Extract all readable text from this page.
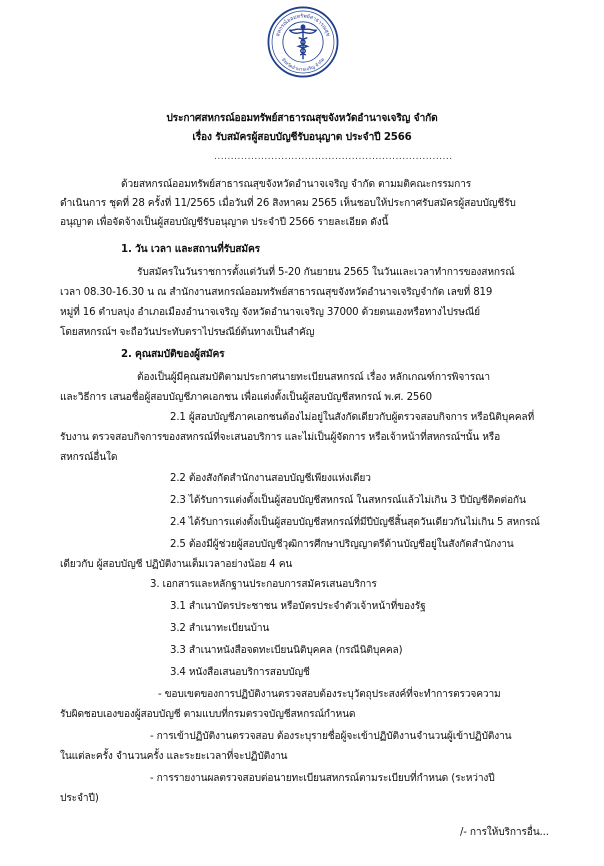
สหกรณ์ออมทรัพย์สาธารณสุข
จังหวัดอำนาจเจริญ จำกัด
ประกาศสหกรณ์ออมทรัพย์สาธารณสุขจังหวัดอำนาจเจริญ จำกัด
เรื่อง รับสมัครผู้สอบบัญชีรับอนุญาต ประจำปี 2566
.......................................................................
ด้วยสหกรณ์ออมทรัพย์สาธารณสุขจังหวัดอำนาจเจริญ จำกัด ตามมติคณะกรรมการ
ดำเนินการ ชุดที่ 28 ครั้งที่ 11/2565 เมื่อวันที่ 26 สิงหาคม 2565 เห็นชอบให้ประกาศรับสมัครผู้สอบบัญชีรับ
อนุญาต เพื่อจัดจ้างเป็นผู้สอบบัญชีรับอนุญาต ประจำปี 2566 รายละเอียด ดังนี้
1. วัน เวลา และสถานที่รับสมัคร
รับสมัครในวันราชการตั้งแต่วันที่ 5-20 กันยายน 2565 ในวันและเวลาทำการของสหกรณ์
เวลา 08.30-16.30 น ณ สำนักงานสหกรณ์ออมทรัพย์สาธารณสุขจังหวัดอำนาจเจริญจำกัด เลขที่ 819
หมู่ที่ 16 ตำบลบุ่ง อำเภอเมืองอำนาจเจริญ จังหวัดอำนาจเจริญ 37000 ด้วยตนเองหรือทางไปรษณีย์
โดยสหกรณ์ฯ จะถือวันประทับตราไปรษณีย์ต้นทางเป็นสำคัญ
2. คุณสมบัติของผู้สมัคร
ต้องเป็นผู้มีคุณสมบัติตามประกาศนายทะเบียนสหกรณ์ เรื่อง หลักเกณฑ์การพิจารณา
และวิธีการ เสนอชื่อผู้สอบบัญชีภาคเอกชน เพื่อแต่งตั้งเป็นผู้สอบบัญชีสหกรณ์ พ.ศ. 2560
2.1 ผู้สอบบัญชีภาคเอกชนต้องไม่อยู่ในสังกัดเดียวกับผู้ตรวจสอบกิจการ หรือนิติบุคคลที่
รับงาน ตรวจสอบกิจการของสหกรณ์ที่จะเสนอบริการ และไม่เป็นผู้จัดการ หรือเจ้าหน้าที่สหกรณ์ฯนั้น หรือ
สหกรณ์อื่นใด
2.2 ต้องสังกัดสำนักงานสอบบัญชีเพียงแห่งเดียว
2.3 ได้รับการแต่งตั้งเป็นผู้สอบบัญชีสหกรณ์ ในสหกรณ์แล้วไม่เกิน 3 ปีบัญชีติดต่อกัน
2.4 ได้รับการแต่งตั้งเป็นผู้สอบบัญชีสหกรณ์ที่มีปีบัญชีสิ้นสุดวันเดียวกันไม่เกิน 5 สหกรณ์
2.5 ต้องมีผู้ช่วยผู้สอบบัญชีวุฒิการศึกษาปริญญาตรีด้านบัญชีอยู่ในสังกัดสำนักงาน
เดียวกับ ผู้สอบบัญชี ปฏิบัติงานเต็มเวลาอย่างน้อย 4 คน
3. เอกสารและหลักฐานประกอบการสมัครเสนอบริการ
3.1 สำเนาบัตรประชาชน หรือบัตรประจำตัวเจ้าหน้าที่ของรัฐ
3.2 สำเนาทะเบียนบ้าน
3.3 สำเนาหนังสือจดทะเบียนนิติบุคคล (กรณีนิติบุคคล)
3.4 หนังสือเสนอบริการสอบบัญชี
- ขอบเขตของการปฏิบัติงานตรวจสอบต้องระบุวัตถุประสงค์ที่จะทำการตรวจความ
รับผิดชอบเองของผู้สอบบัญชี ตามแบบที่กรมตรวจบัญชีสหกรณ์กำหนด
- การเข้าปฏิบัติงานตรวจสอบ ต้องระบุรายชื่อผู้จะเข้าปฏิบัติงานจำนวนผู้เข้าปฏิบัติงาน
ในแต่ละครั้ง จำนวนครั้ง และระยะเวลาที่จะปฏิบัติงาน
- การรายงานผลตรวจสอบต่อนายทะเบียนสหกรณ์ตามระเบียบที่กำหนด (ระหว่างปี
ประจำปี)
/- การให้บริการอื่น...
